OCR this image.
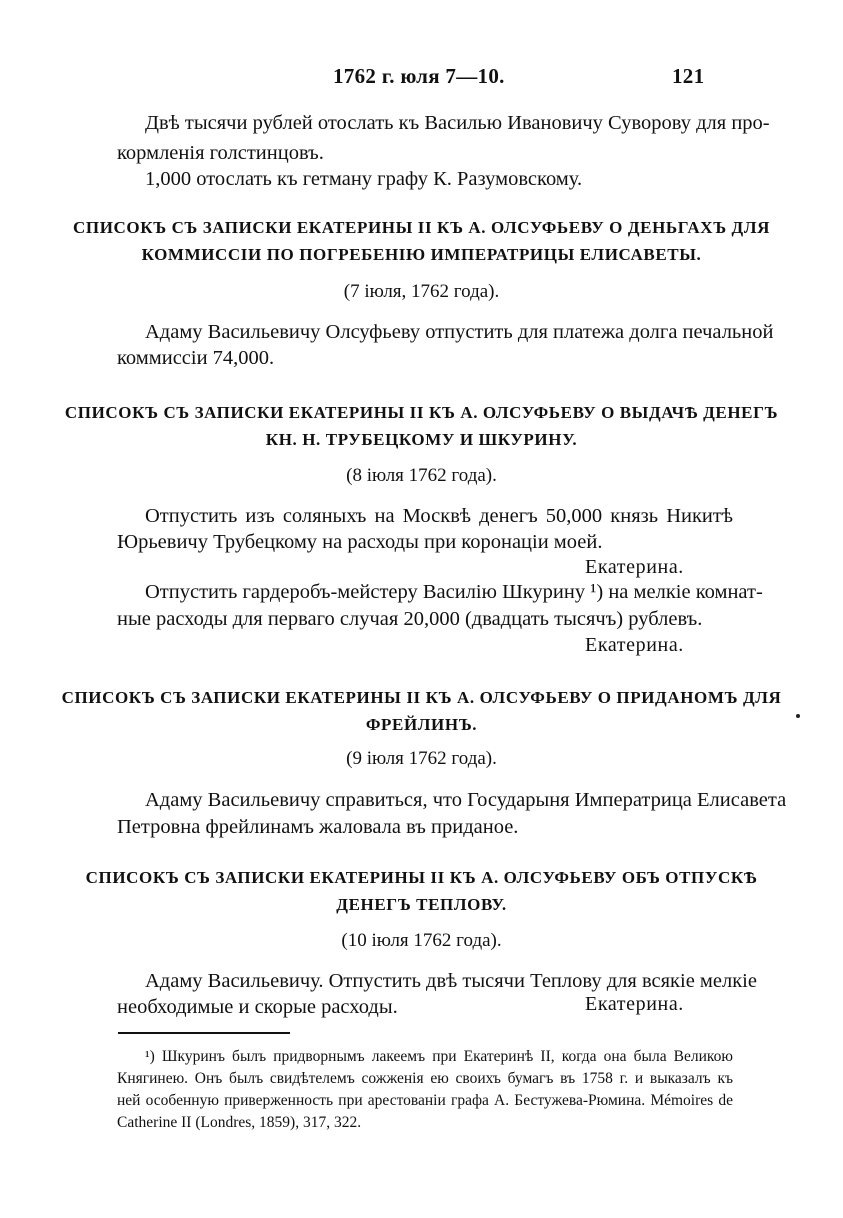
1762 г. юля 7—10.	121
Двѣ тысячи рублей отослать къ Василью Ивановичу Суворову для про-
кормленія голстинцовъ.
1,000 отослать къ гетману графу К. Разумовскому.
СПИСОКЪ СЪ ЗАПИСКИ ЕКАТЕРИНЫ II КЪ А. ОЛСУФЬЕВУ О ДЕНЬГАХЪ ДЛЯ
КОММИССІИ ПО ПОГРЕБЕНІЮ ИМПЕРАТРИЦЫ ЕЛИСАВЕТЫ.
(7 іюля, 1762 года).
Адаму Васильевичу Олсуфьеву отпустить для платежа долга печальной
коммиссіи 74,000.
СПИСОКЪ СЪ ЗАПИСКИ ЕКАТЕРИНЫ II КЪ А. ОЛСУФЬЕВУ О ВЫДАЧѢ ДЕНЕГЪ
КН. Н. ТРУБЕЦКОМУ И ШКУРИНУ.
(8 іюля 1762 года).
Отпустить изъ соляныхъ на Москвѣ денегъ 50,000 князь Никитѣ
Юрьевичу Трубецкому на расходы при коронаціи моей.
Екатерина.
Отпустить гардеробъ-мейстеру Василію Шкурину ¹) на мелкіе комнат-
ные расходы для перваго случая 20,000 (двадцать тысячъ) рублевъ.
Екатерина.
СПИСОКЪ СЪ ЗАПИСКИ ЕКАТЕРИНЫ II КЪ А. ОЛСУФЬЕВУ О ПРИДАНОМЪ ДЛЯ
ФРЕЙЛИНЪ.
(9 іюля 1762 года).
Адаму Васильевичу справиться, что Государыня Императрица Елисавета
Петровна фрейлинамъ жаловала въ приданое.
СПИСОКЪ СЪ ЗАПИСКИ ЕКАТЕРИНЫ II КЪ А. ОЛСУФЬЕВУ ОБЪ ОТПУСКѢ
ДЕНЕГЪ ТЕПЛОВУ.
(10 іюля 1762 года).
Адаму Васильевичу. Отпустить двѣ тысячи Теплову для всякіе мелкіе
необходимые и скорые расходы.	Екатерина.
¹) Шкуринъ былъ придворнымъ лакеемъ при Екатеринѣ II, когда она была Великою
Княгинею. Онъ былъ свидѣтелемъ сожженія ею своихъ бумагъ въ 1758 г. и выказалъ къ
ней особенную приверженность при арестованіи графа А. Бестужева-Рюмина. Mémoires de
Catherine II (Londres, 1859), 317, 322.
